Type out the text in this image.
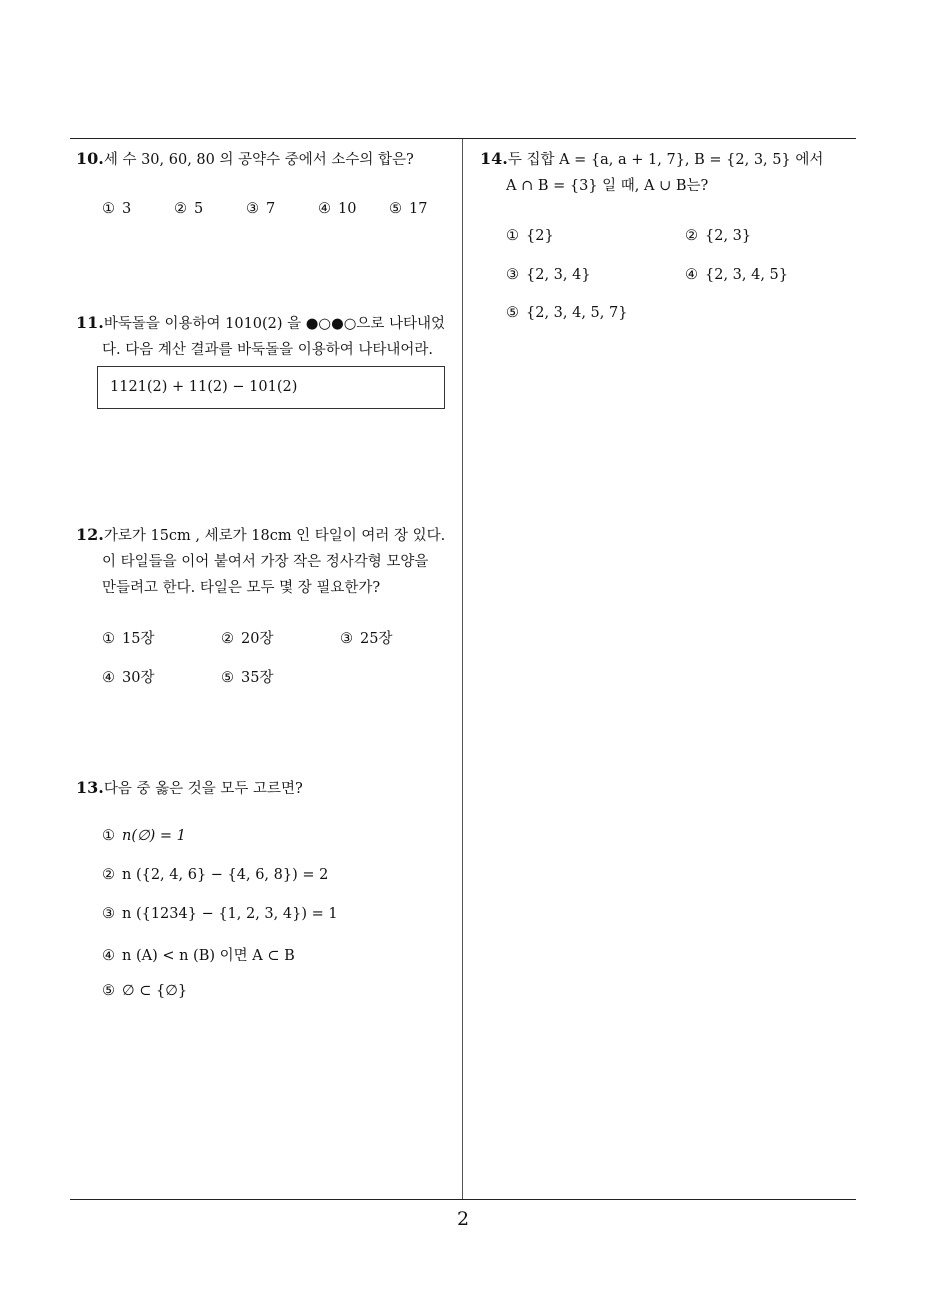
10.세 수 30, 60, 80 의 공약수 중에서 소수의 합은?
① 3	② 5	③ 7	④ 10 ⑤ 17
11.바둑돌을 이용하여 1010(2) 을 ●○●○으로 나타내었
다. 다음 계산 결과를 바둑돌을 이용하여 나타내어라.
1121(2) + 11(2) − 101(2)
12.가로가 15cm , 세로가 18cm 인 타일이 여러 장 있다.
이 타일들을 이어 붙여서 가장 작은 정사각형 모양을
만들려고 한다. 타일은 모두 몇 장 필요한가?
① 15장	② 20장	③ 25장
④ 30장	⑤ 35장
13.다음 중 옳은 것을 모두 고르면?
① n(∅) = 1
② n ({2, 4, 6} − {4, 6, 8}) = 2
③ n ({1234} − {1, 2, 3, 4}) = 1
④ n (A) < n (B) 이면 A ⊂ B
⑤ ∅ ⊂ {∅}
14.두 집합 A = {a, a + 1, 7}, B = {2, 3, 5} 에서
A ∩ B = {3} 일 때, A ∪ B는?
① {2}	② {2, 3}
③ {2, 3, 4}	④ {2, 3, 4, 5}
⑤ {2, 3, 4, 5, 7}
2
